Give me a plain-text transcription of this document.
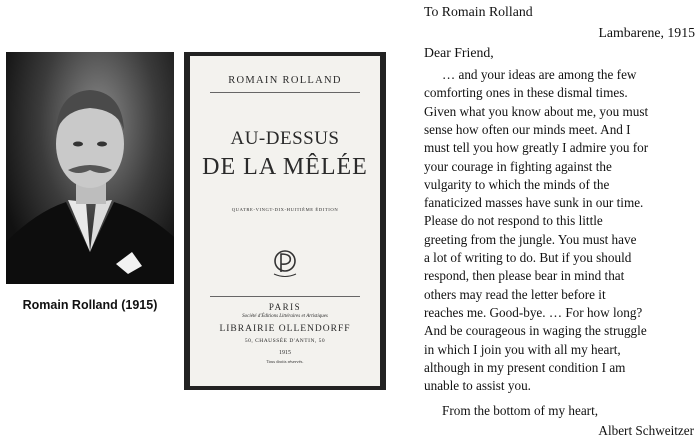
Romain Rolland (1915)
ROMAIN ROLLAND
AU-DESSUS
DE LA MÊLÉE
QUATRE-VINGT-DIX-HUITIÈME ÉDITION
PARIS
Société d'Éditions Littéraires et Artistiques
LIBRAIRIE OLLENDORFF
50, CHAUSSÉE D'ANTIN, 50
1915
Tous droits réservés.
To Romain Rolland
Lambarene, 1915
Dear Friend,
… and your ideas are among the few
comforting ones in these dismal times.
Given what you know about me, you must
sense how often our minds meet. And I
must tell you how greatly I admire you for
your courage in fighting against the
vulgarity to which the minds of the
fanaticized masses have sunk in our time.
Please do not respond to this little
greeting from the jungle. You must have
a lot of writing to do. But if you should
respond, then please bear in mind that
others may read the letter before it
reaches me. Good-bye. … For how long?
And be courageous in waging the struggle
in which I join you with all my heart,
although in my present condition I am
unable to assist you.
From the bottom of my heart,
Albert Schweitzer
